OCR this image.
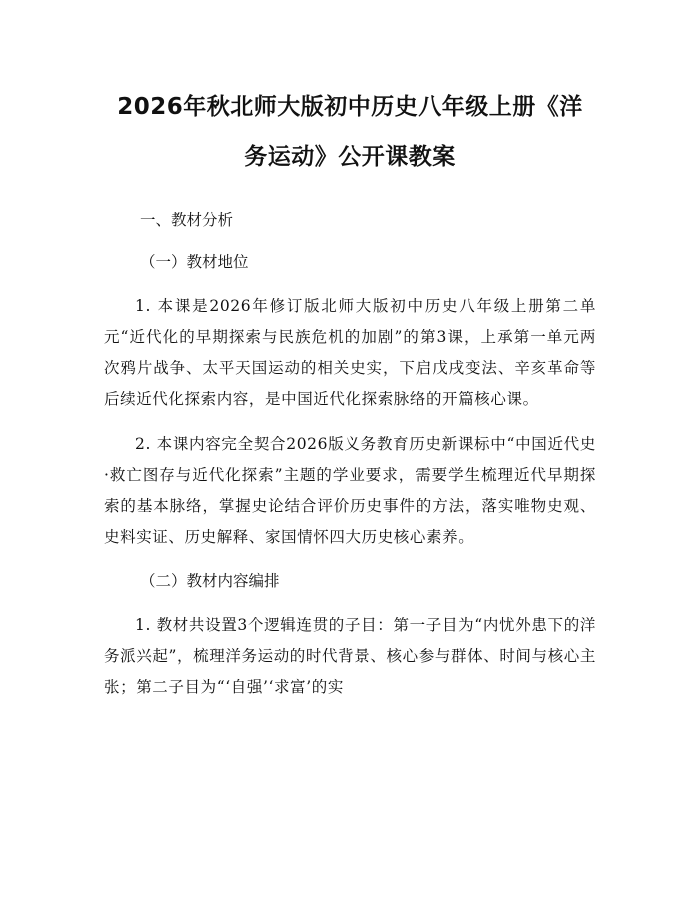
2026年秋北师大版初中历史八年级上册《洋
务运动》公开课教案

一、教材分析

（一）教材地位

1. 本课是2026年修订版北师大版初中历史八年级上册第二单元“近代化的早期探索与民族危机的加剧”的第3课，上承第一单元两次鸦片战争、太平天国运动的相关史实，下启戊戌变法、辛亥革命等后续近代化探索内容，是中国近代化探索脉络的开篇核心课。

2. 本课内容完全契合2026版义务教育历史新课标中“中国近代史·救亡图存与近代化探索”主题的学业要求，需要学生梳理近代早期探索的基本脉络，掌握史论结合评价历史事件的方法，落实唯物史观、史料实证、历史解释、家国情怀四大历史核心素养。

（二）教材内容编排

1. 教材共设置3个逻辑连贯的子目：第一子目为“内忧外患下的洋务派兴起”，梳理洋务运动的时代背景、核心参与群体、时间与核心主张；第二子目为“‘自强’‘求富’的实
